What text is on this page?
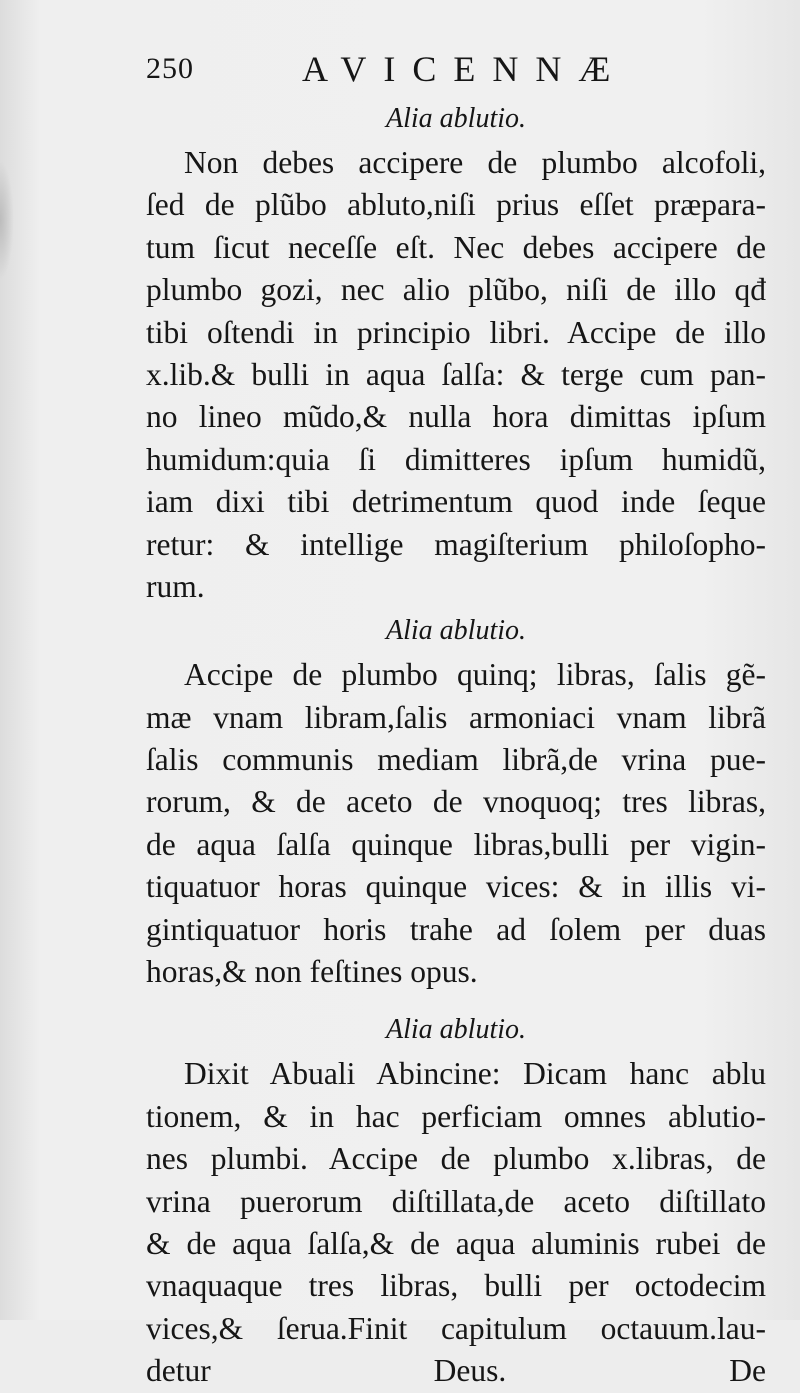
250	AVICENNÆ
Alia ablutio.
Non debes accipere de plumbo alcofoli,
ſed de plũbo abluto,niſi prius eſſet præpara-
tum ſicut neceſſe eſt. Nec debes accipere de
plumbo gozi, nec alio plũbo, niſi de illo qđ
tibi oſtendi in principio libri. Accipe de illo
x.lib.& bulli in aqua ſalſa: & terge cum pan-
no lineo mũdo,& nulla hora dimittas ipſum
humidum:quia ſi dimitteres ipſum humidũ,
iam dixi tibi detrimentum quod inde ſeque
retur: & intellige magiſterium philoſopho-
rum.
Alia ablutio.
Accipe de plumbo quinq; libras, ſalis gẽ-
mæ vnam libram,ſalis armoniaci vnam librã
ſalis communis mediam librã,de vrina pue-
rorum, & de aceto de vnoquoq; tres libras,
de aqua ſalſa quinque libras,bulli per vigin-
tiquatuor horas quinque vices: & in illis vi-
gintiquatuor horis trahe ad ſolem per duas
horas,& non feſtines opus.
Alia ablutio.
Dixit Abuali Abincine: Dicam hanc ablu
tionem, & in hac perficiam omnes ablutio-
nes plumbi. Accipe de plumbo x.libras, de
vrina puerorum diſtillata,de aceto diſtillato
& de aqua ſalſa,& de aqua aluminis rubei de
vnaquaque tres libras, bulli per octodecim
vices,& ſerua.Finit capitulum octauum.lau-
detur Deus. De
